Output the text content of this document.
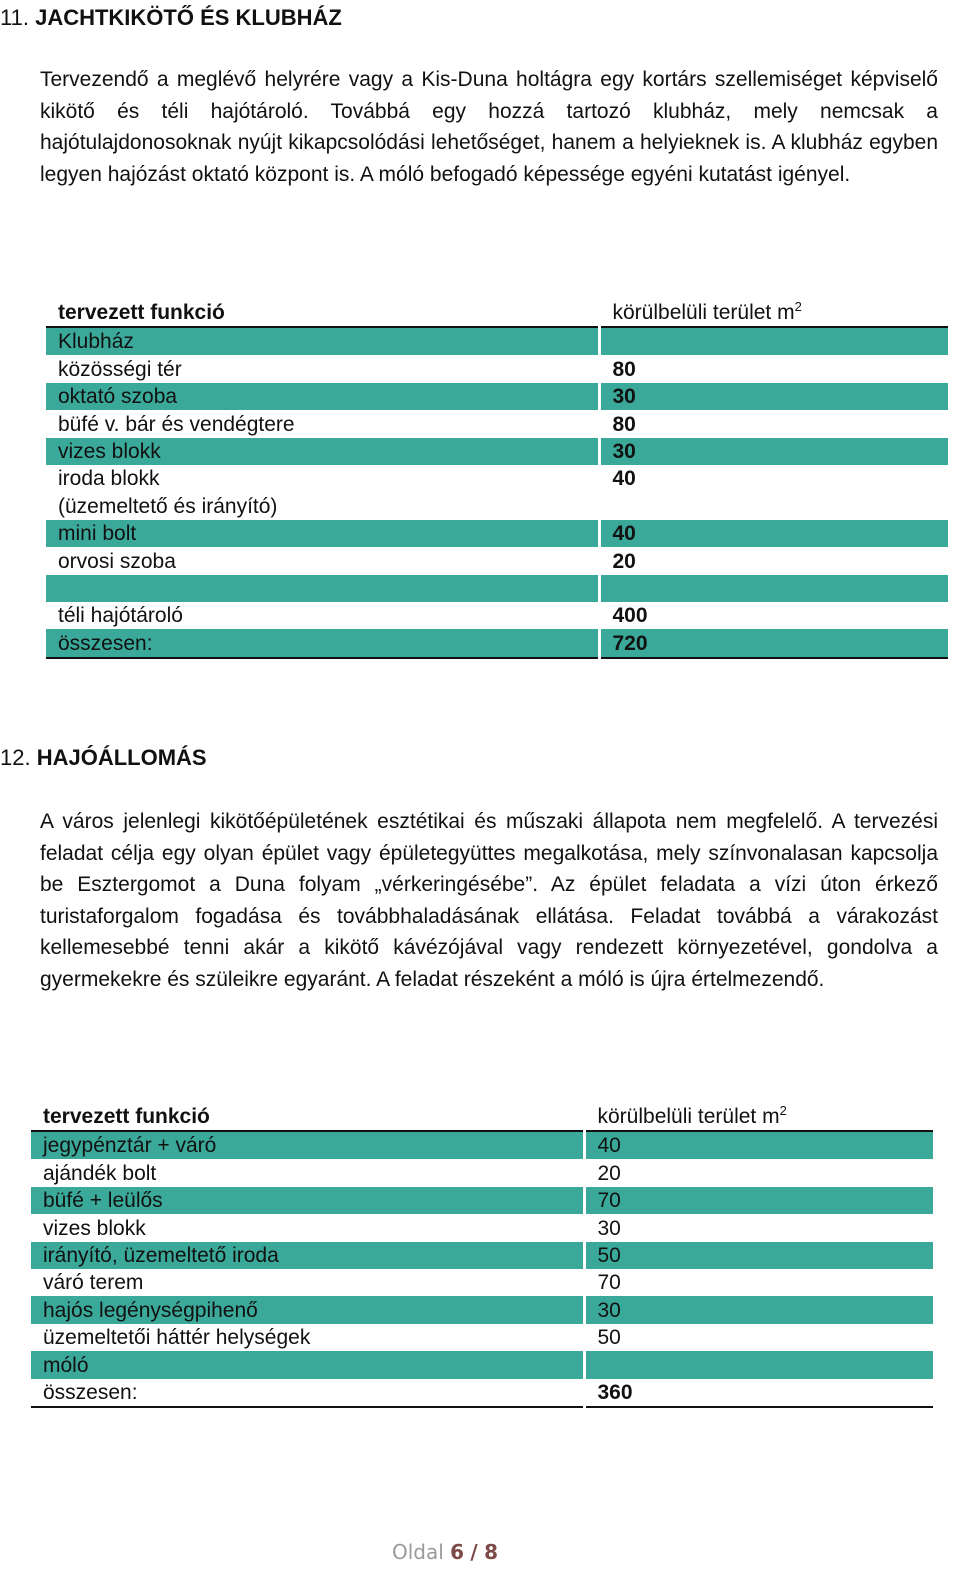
11. JACHTKIKÖTŐ ÉS KLUBHÁZ

Tervezendő a meglévő helyrére vagy a Kis-Duna holtágra egy kortárs szellemiséget képviselő kikötő és téli hajótároló. Továbbá egy hozzá tartozó klubház, mely nemcsak a hajótulajdonosoknak nyújt kikapcsolódási lehetőséget, hanem a helyieknek is. A klubház egyben legyen hajózást oktató központ is. A móló befogadó képessége egyéni kutatást igényel.

tervezett funkció	körülbelüli terület $m^2$
Klubház	
közösségi tér	80
oktató szoba	30
büfé v. bár és vendégtere	80
vizes blokk	30
iroda blokk	40
(üzemeltető és irányító)	
mini bolt	40
orvosi szoba	20

téli hajótároló	400
összesen:	720
12. HAJÓÁLLOMÁS

A város jelenlegi kikötőépületének esztétikai és műszaki állapota nem megfelelő. A tervezési feladat célja egy olyan épület vagy épületegyüttes megalkotása, mely színvonalasan kapcsolja be Esztergomot a Duna folyam „vérkeringésébe”. Az épület feladata a vízi úton érkező turistaforgalom fogadása és továbbhaladásának ellátása. Feladat továbbá a várakozást kellemesebbé tenni akár a kikötő kávézójával vagy rendezett környezetével, gondolva a gyermekekre és szüleikre egyaránt. A feladat részeként a móló is újra értelmezendő.

tervezett funkció	körülbelüli terület $m^2$
jegypénztár + váró	40
ajándék bolt	20
büfé + leülős	70
vizes blokk	30
irányító, üzemeltető iroda	50
váró terem	70
hajós legénységpihenő	30
üzemeltetői háttér helységek	50
móló	
összesen:	360
Oldal 6 / 8
